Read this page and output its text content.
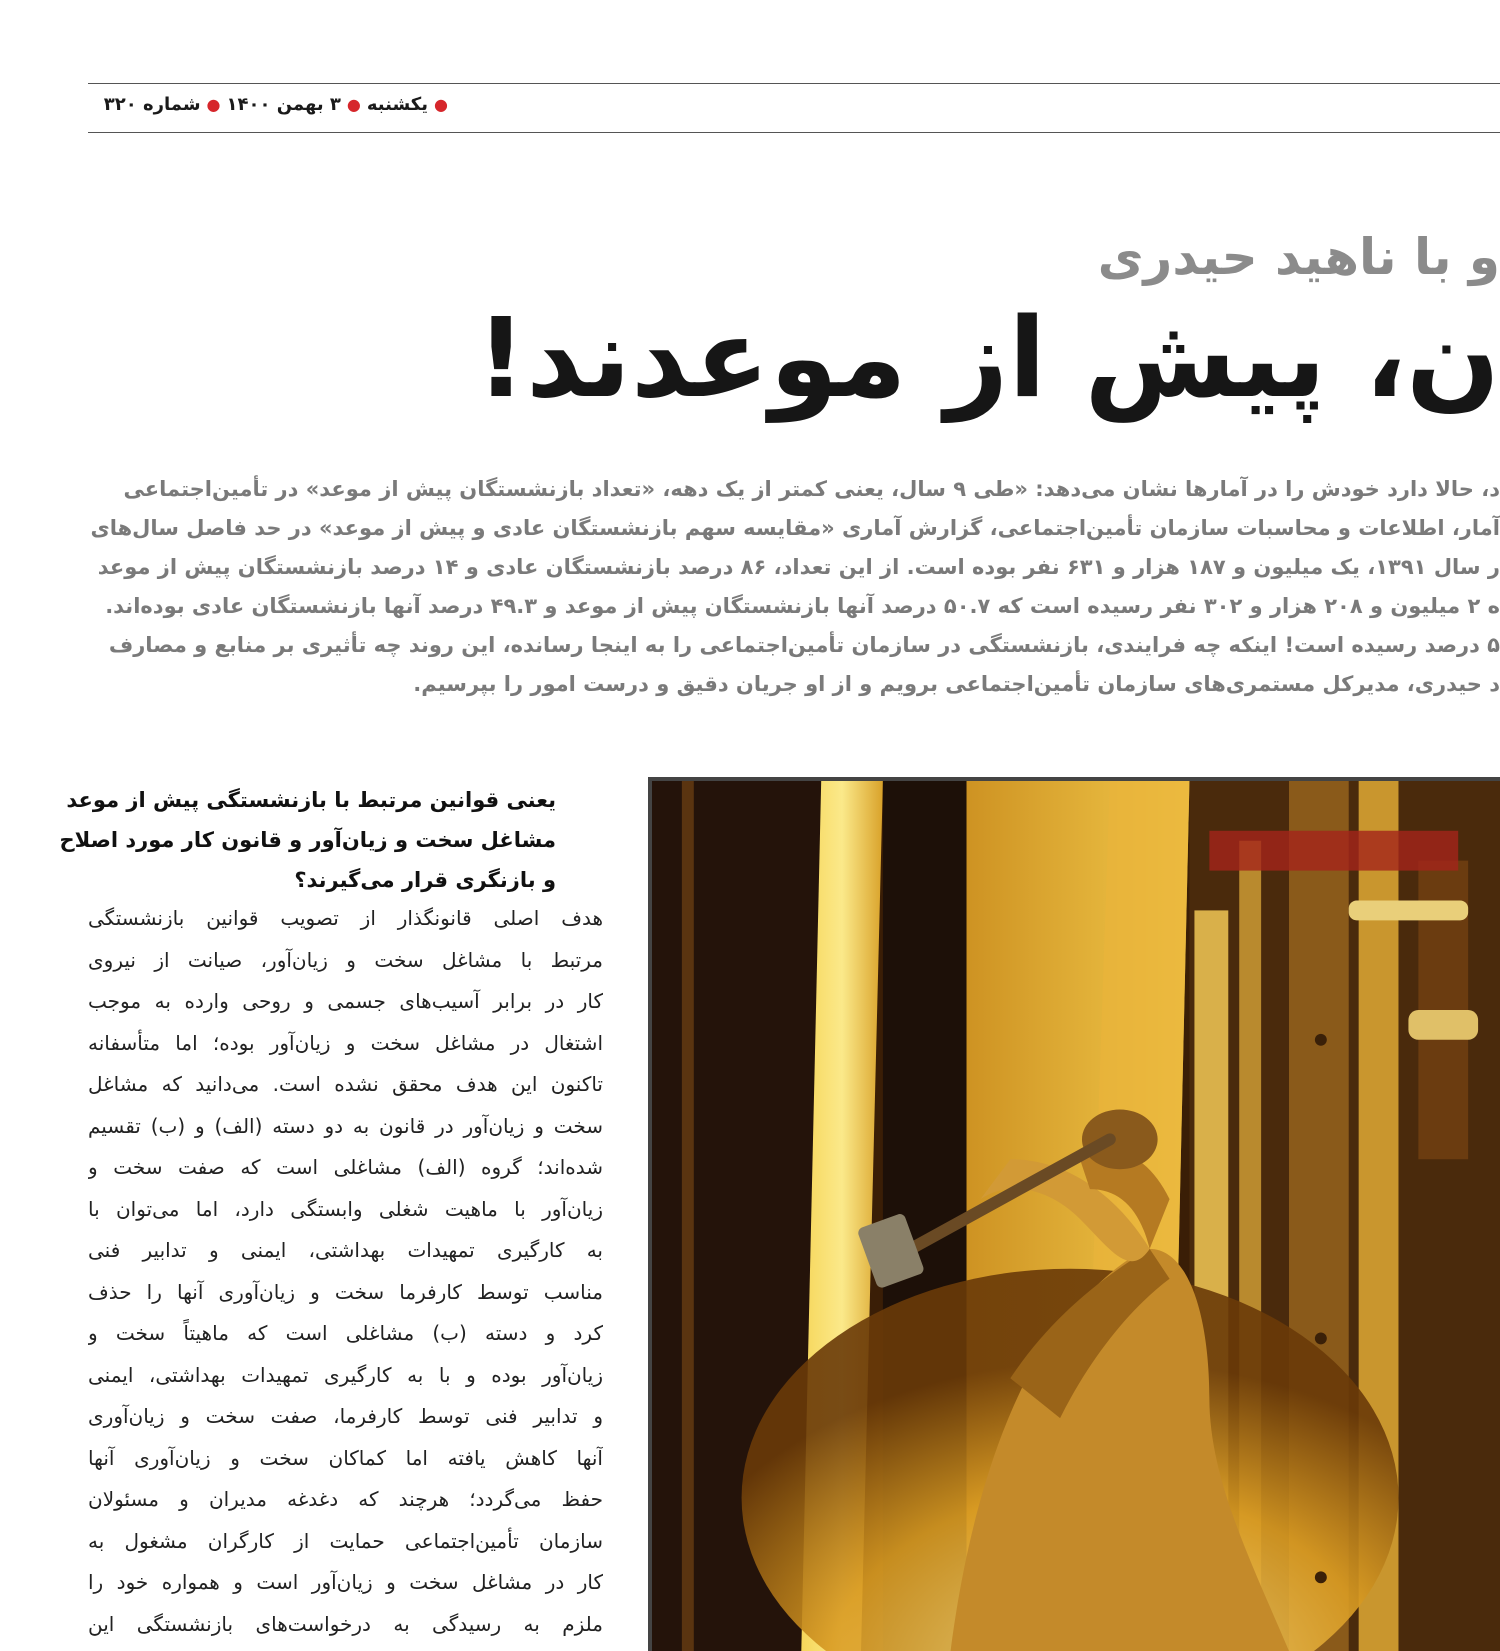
●
یکشنبه
●
۳ بهمن ۱۴۰۰
●
شماره ۳۲۰
و با ناهید حیدری
ن، پیش از موعدند!
د، حالا دارد خودش را در آمارها نشان می‌دهد: «طی ۹ سال، یعنی کمتر از یک دهه، «تعداد بازنشستگان پیش از موعد» در تأمین‌اجتماعی
آمار، اطلاعات و محاسبات سازمان تأمین‌اجتماعی، گزارش آماری «مقایسه سهم بازنشستگان عادی و پیش از موعد» در حد فاصل سال‌های
ر سال ۱۳۹۱، یک میلیون و ۱۸۷ هزار و ۶۳۱ نفر بوده است. از این تعداد، ۸۶ درصد بازنشستگان عادی و ۱۴ درصد بازنشستگان پیش از موعد
ه ۲ میلیون و ۲۰۸ هزار و ۳۰۲ نفر رسیده است که ۵۰.۷ درصد آنها بازنشستگان پیش از موعد و ۴۹.۳ درصد آنها بازنشستگان عادی بوده‌اند.
۵ درصد رسیده است! اینکه چه فرایندی، بازنشستگی در سازمان تأمین‌اجتماعی را به اینجا رسانده، این روند چه تأثیری بر منابع و مصارف
د حیدری، مدیرکل مستمری‌های سازمان تأمین‌اجتماعی برویم و از او جریان دقیق و درست امور را بپرسیم.
یعنی قوانین مرتبط با بازنشستگی پیش از موعد
مشاغل سخت و زیان‌آور و قانون کار مورد اصلاح
و بازنگری قرار می‌گیرند؟
هدف اصلی قانونگذار از تصویب قوانین بازنشستگی
مرتبط با مشاغل سخت و زیان‌آور، صیانت از نیروی
کار در برابر آسیب‌های جسمی و روحی وارده به موجب
اشتغال در مشاغل سخت و زیان‌آور بوده؛ اما متأسفانه
تاکنون این هدف محقق نشده است. می‌دانید که مشاغل
سخت و زیان‌آور در قانون به دو دسته (الف) و (ب) تقسیم
شده‌اند؛ گروه (الف) مشاغلی است که صفت سخت و
زیان‌آور با ماهیت شغلی وابستگی دارد، اما می‌توان با
به کارگیری تمهیدات بهداشتی، ایمنی و تدابیر فنی
مناسب توسط کارفرما سخت و زیان‌آوری آنها را حذف
کرد و دسته (ب) مشاغلی است که ماهیتاً سخت و
زیان‌آور بوده و با به کارگیری تمهیدات بهداشتی، ایمنی
و تدابیر فنی توسط کارفرما، صفت سخت و زیان‌آوری
آنها کاهش یافته اما کماکان سخت و زیان‌آوری آنها
حفظ می‌گردد؛ هرچند که دغدغه مدیران و مسئولان
سازمان تأمین‌اجتماعی حمایت از کارگران مشغول به
کار در مشاغل سخت و زیان‌آور است و همواره خود را
ملزم به رسیدگی به درخواست‌های بازنشستگی این
